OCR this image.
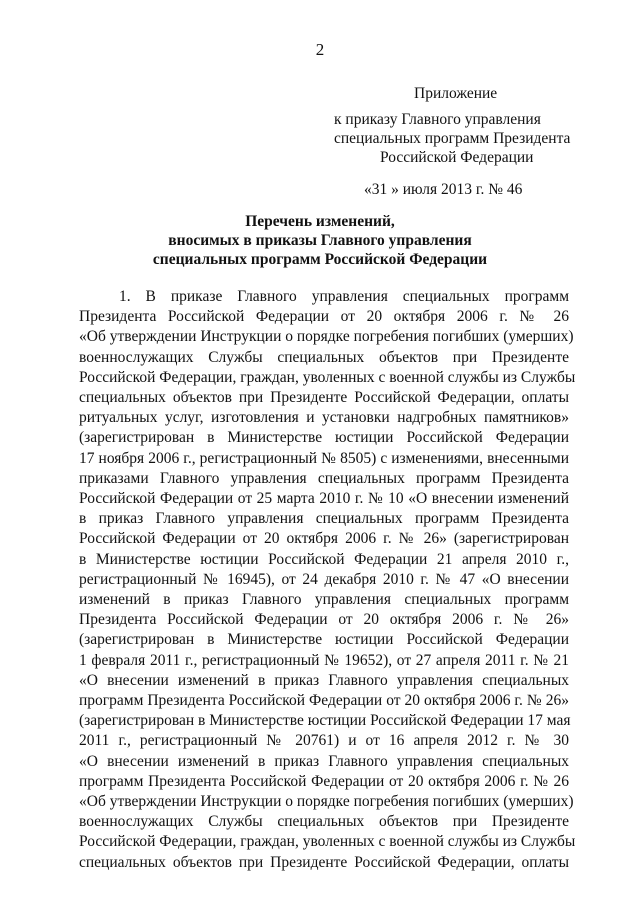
2
Приложение
к приказу Главного управления
специальных программ Президента
Российской Федерации
«31 » июля 2013 г. № 46
Перечень изменений,
вносимых в приказы Главного управления
специальных программ Российской Федерации
1. В приказе Главного управления специальных программ
Президента Российской Федерации от 20 октября 2006 г. № 26
«Об утверждении Инструкции о порядке погребения погибших (умерших)
военнослужащих Службы специальных объектов при Президенте
Российской Федерации, граждан, уволенных с военной службы из Службы
специальных объектов при Президенте Российской Федерации, оплаты
ритуальных услуг, изготовления и установки надгробных памятников»
(зарегистрирован в Министерстве юстиции Российской Федерации
17 ноября 2006 г., регистрационный № 8505) с изменениями, внесенными
приказами Главного управления специальных программ Президента
Российской Федерации от 25 марта 2010 г. № 10 «О внесении изменений
в приказ Главного управления специальных программ Президента
Российской Федерации от 20 октября 2006 г. № 26» (зарегистрирован
в Министерстве юстиции Российской Федерации 21 апреля 2010 г.,
регистрационный № 16945), от 24 декабря 2010 г. № 47 «О внесении
изменений в приказ Главного управления специальных программ
Президента Российской Федерации от 20 октября 2006 г. № 26»
(зарегистрирован в Министерстве юстиции Российской Федерации
1 февраля 2011 г., регистрационный № 19652), от 27 апреля 2011 г. № 21
«О внесении изменений в приказ Главного управления специальных
программ Президента Российской Федерации от 20 октября 2006 г. № 26»
(зарегистрирован в Министерстве юстиции Российской Федерации 17 мая
2011 г., регистрационный № 20761) и от 16 апреля 2012 г. № 30
«О внесении изменений в приказ Главного управления специальных
программ Президента Российской Федерации от 20 октября 2006 г. № 26
«Об утверждении Инструкции о порядке погребения погибших (умерших)
военнослужащих Службы специальных объектов при Президенте
Российской Федерации, граждан, уволенных с военной службы из Службы
специальных объектов при Президенте Российской Федерации, оплаты
